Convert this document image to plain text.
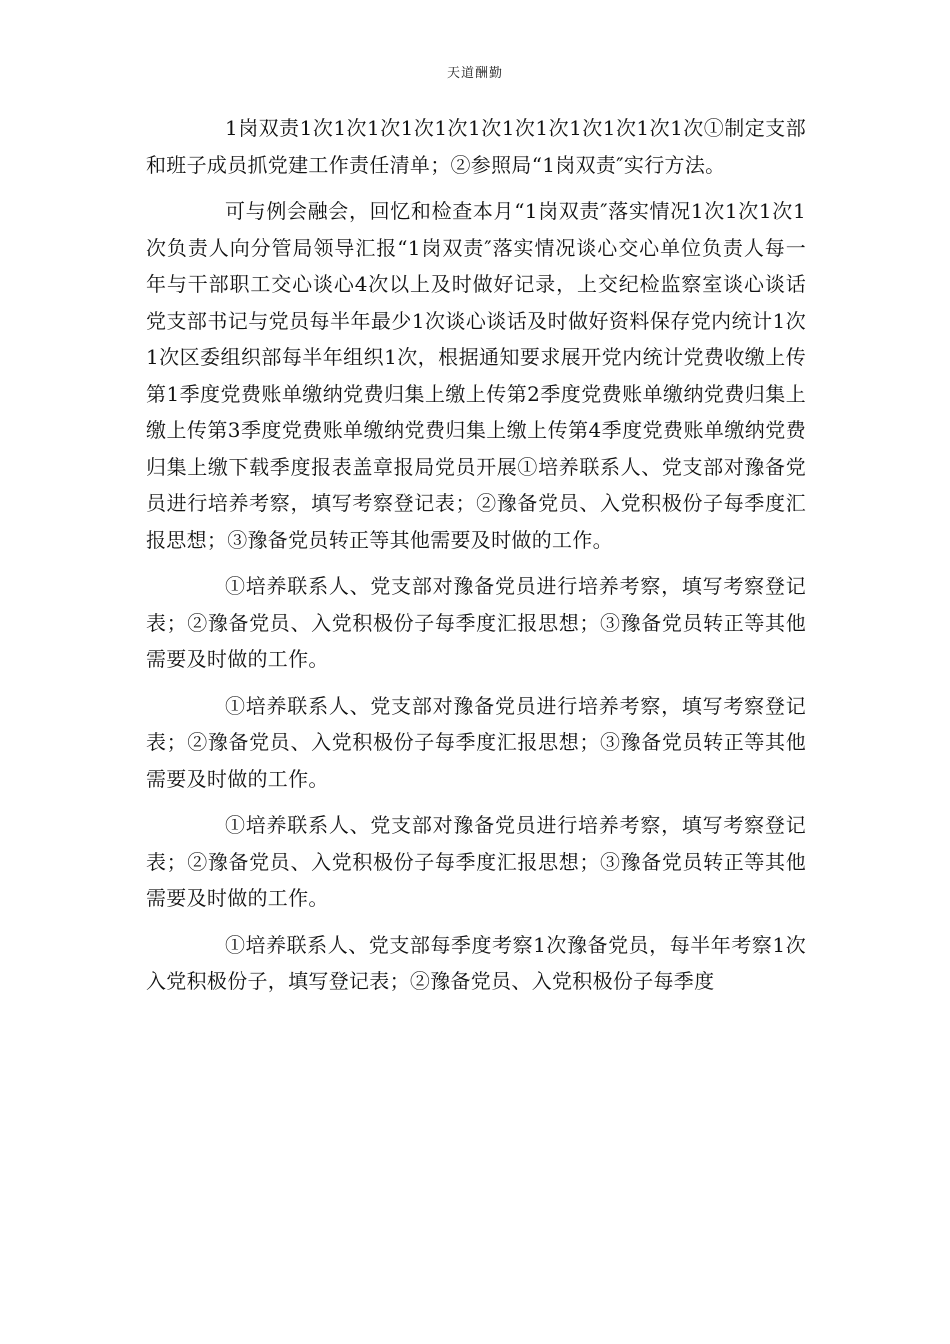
天道酬勤

1岗双责1次1次1次1次1次1次1次1次1次1次1次1次①制定支部和班子成员抓党建工作责任清单；②参照局“1岗双责″实行方法。

可与例会融会，回忆和检查本月“1岗双责″落实情况1次1次1次1次负责人向分管局领导汇报“1岗双责″落实情况谈心交心单位负责人每一年与干部职工交心谈心4次以上及时做好记录，上交纪检监察室谈心谈话党支部书记与党员每半年最少1次谈心谈话及时做好资料保存党内统计1次1次区委组织部每半年组织1次，根据通知要求展开党内统计党费收缴上传第1季度党费账单缴纳党费归集上缴上传第2季度党费账单缴纳党费归集上缴上传第3季度党费账单缴纳党费归集上缴上传第4季度党费账单缴纳党费归集上缴下载季度报表盖章报局党员开展①培养联系人、党支部对豫备党员进行培养考察，填写考察登记表；②豫备党员、入党积极份子每季度汇报思想；③豫备党员转正等其他需要及时做的工作。

①培养联系人、党支部对豫备党员进行培养考察，填写考察登记表；②豫备党员、入党积极份子每季度汇报思想；③豫备党员转正等其他需要及时做的工作。

①培养联系人、党支部对豫备党员进行培养考察，填写考察登记表；②豫备党员、入党积极份子每季度汇报思想；③豫备党员转正等其他需要及时做的工作。

①培养联系人、党支部对豫备党员进行培养考察，填写考察登记表；②豫备党员、入党积极份子每季度汇报思想；③豫备党员转正等其他需要及时做的工作。

①培养联系人、党支部每季度考察1次豫备党员，每半年考察1次入党积极份子，填写登记表；②豫备党员、入党积极份子每季度
